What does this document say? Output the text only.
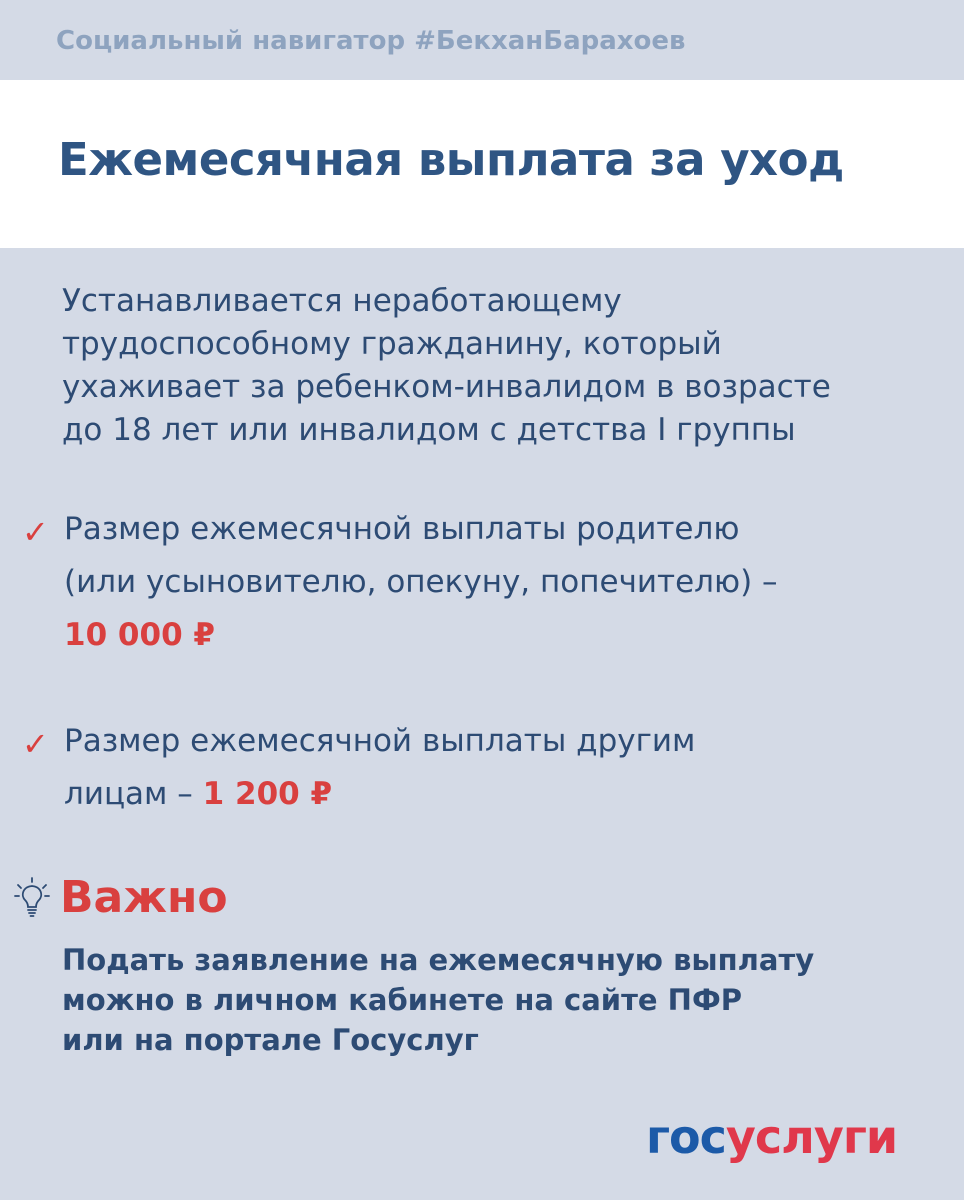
Социальный навигатор #БекханБарахоев
Ежемесячная выплата за уход
Устанавливается неработающему
трудоспособному гражданину, который
ухаживает за ребенком-инвалидом в возрасте
до 18 лет или инвалидом с детства I группы
✓ Размер ежемесячной выплаты родителю
(или усыновителю, опекуну, попечителю) –
10 000 ₽
✓ Размер ежемесячной выплаты другим
лицам – 1 200 ₽
Важно
Подать заявление на ежемесячную выплату
можно в личном кабинете на сайте ПФР
или на портале Госуслуг
госуслуги
